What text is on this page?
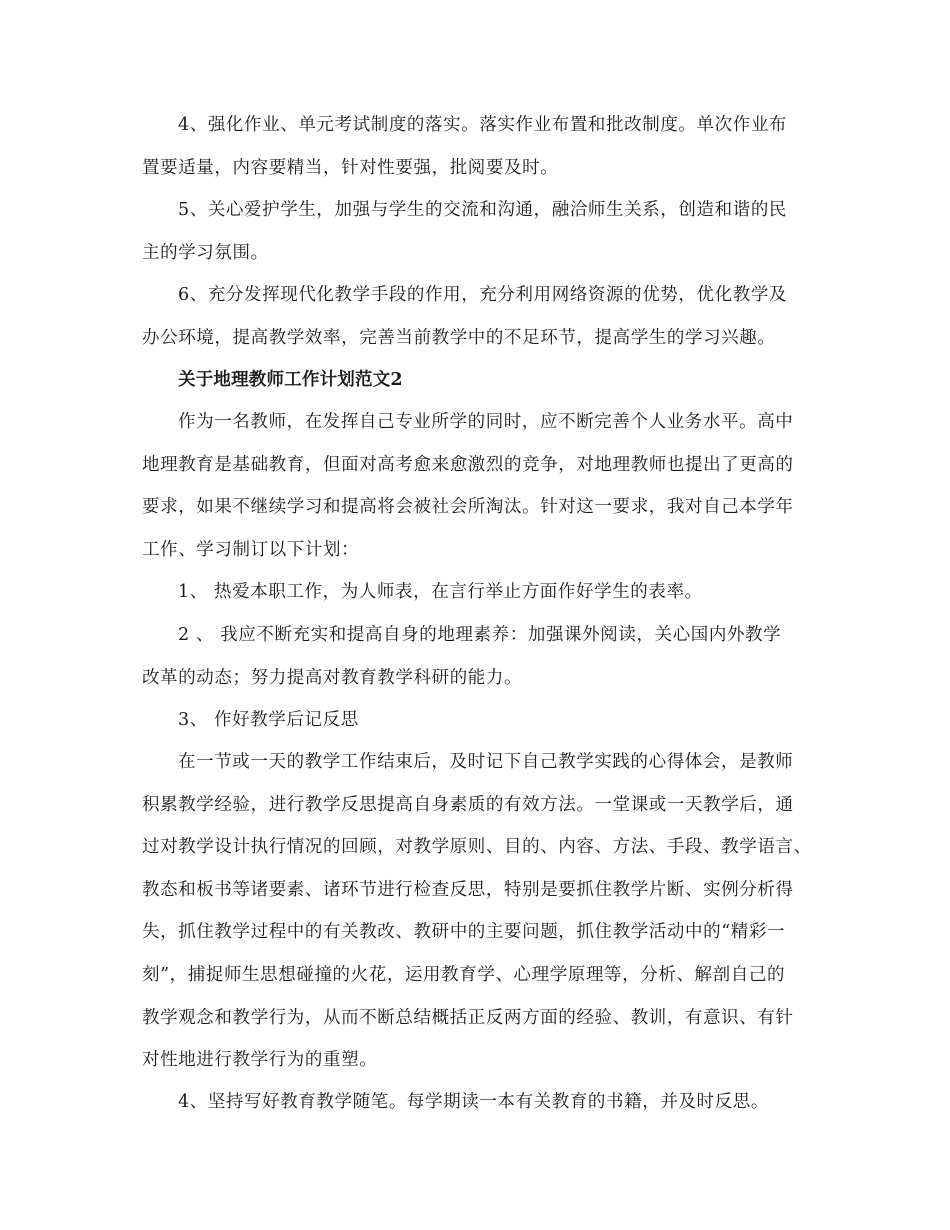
4、强化作业、单元考试制度的落实。落实作业布置和批改制度。单次作业布
置要适量，内容要精当，针对性要强，批阅要及时。

5、关心爱护学生，加强与学生的交流和沟通，融洽师生关系，创造和谐的民
主的学习氛围。

6、充分发挥现代化教学手段的作用，充分利用网络资源的优势，优化教学及
办公环境，提高教学效率，完善当前教学中的不足环节，提高学生的学习兴趣。

关于地理教师工作计划范文2

作为一名教师，在发挥自己专业所学的同时，应不断完善个人业务水平。高中
地理教育是基础教育，但面对高考愈来愈激烈的竞争，对地理教师也提出了更高的
要求，如果不继续学习和提高将会被社会所淘汰。针对这一要求，我对自己本学年
工作、学习制订以下计划：

1、 热爱本职工作，为人师表，在言行举止方面作好学生的表率。

2 、 我应不断充实和提高自身的地理素养：加强课外阅读，关心国内外教学
改革的动态；努力提高对教育教学科研的能力。

3、 作好教学后记反思

在一节或一天的教学工作结束后，及时记下自己教学实践的心得体会，是教师
积累教学经验，进行教学反思提高自身素质的有效方法。一堂课或一天教学后，通
过对教学设计执行情况的回顾，对教学原则、目的、内容、方法、手段、教学语言、
教态和板书等诸要素、诸环节进行检查反思，特别是要抓住教学片断、实例分析得
失，抓住教学过程中的有关教改、教研中的主要问题，抓住教学活动中的“精彩一
刻”，捕捉师生思想碰撞的火花，运用教育学、心理学原理等，分析、解剖自己的
教学观念和教学行为，从而不断总结概括正反两方面的经验、教训，有意识、有针
对性地进行教学行为的重塑。

4、坚持写好教育教学随笔。每学期读一本有关教育的书籍，并及时反思。
